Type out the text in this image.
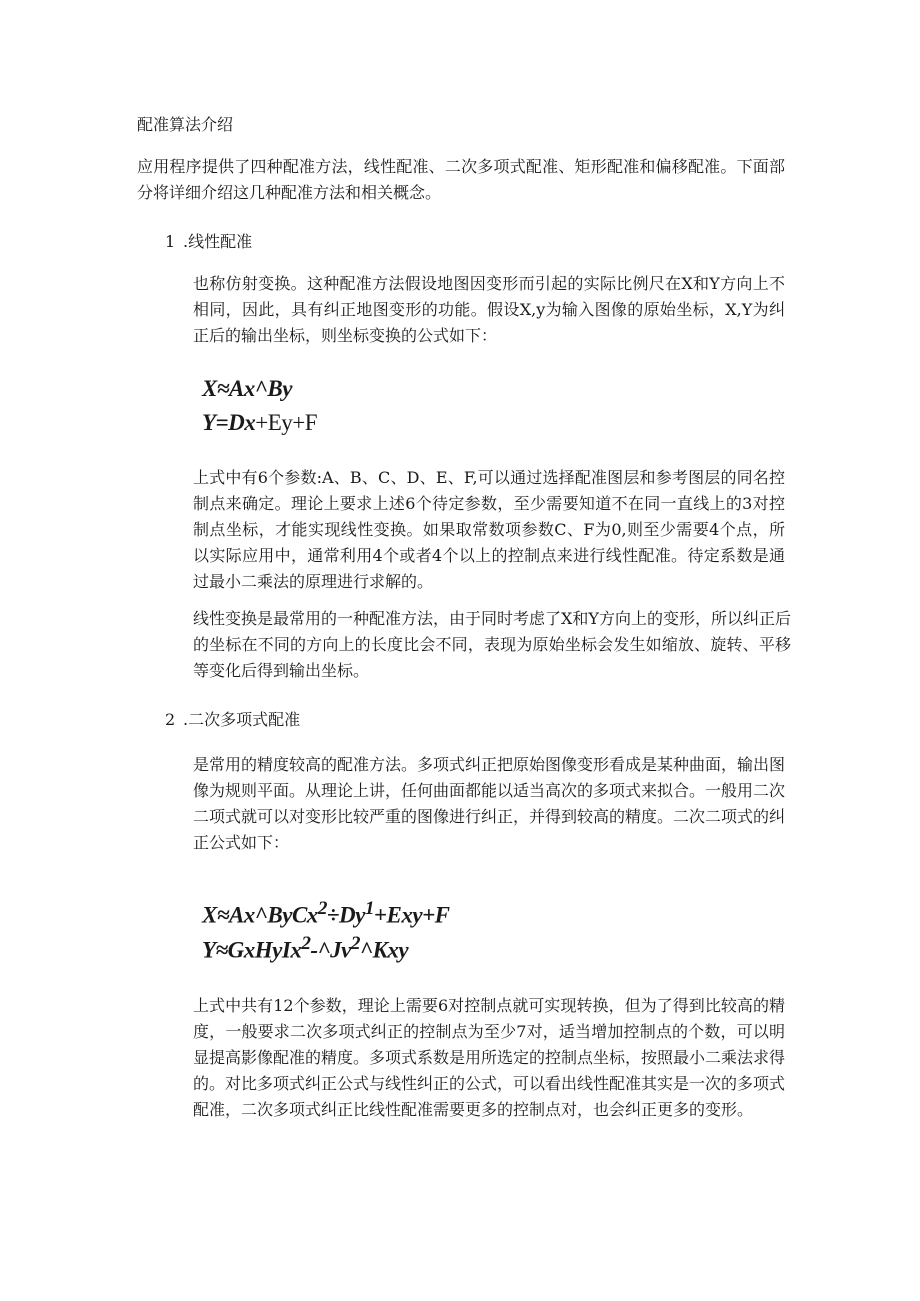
配准算法介绍

应用程序提供了四种配准方法，线性配准、二次多项式配准、矩形配准和偏移配准。下面部分将详细介绍这几种配准方法和相关概念。

1 .线性配准

也称仿射变换。这种配准方法假设地图因变形而引起的实际比例尺在X和Y方向上不相同，因此，具有纠正地图变形的功能。假设X,y为输入图像的原始坐标，X,Y为纠正后的输出坐标，则坐标变换的公式如下：

X≈Ax^By

Y=Dx+Ey+F

上式中有6个参数:A、B、C、D、E、F,可以通过选择配准图层和参考图层的同名控制点来确定。理论上要求上述6个待定参数，至少需要知道不在同一直线上的3对控制点坐标，才能实现线性变换。如果取常数项参数C、F为0,则至少需要4个点，所以实际应用中，通常利用4个或者4个以上的控制点来进行线性配准。待定系数是通过最小二乘法的原理进行求解的。

线性变换是最常用的一种配准方法，由于同时考虑了X和Y方向上的变形，所以纠正后的坐标在不同的方向上的长度比会不同，表现为原始坐标会发生如缩放、旋转、平移等变化后得到输出坐标。

2 .二次多项式配准

是常用的精度较高的配准方法。多项式纠正把原始图像变形看成是某种曲面，输出图像为规则平面。从理论上讲，任何曲面都能以适当高次的多项式来拟合。一般用二次二项式就可以对变形比较严重的图像进行纠正，并得到较高的精度。二次二项式的纠正公式如下：

$X\approx Ax\^{}ByCx^2\div Dy^1+Exy+F$

$Y\approx GxHyIx^2-\^{}Jv^2\^{}Kxy$

上式中共有12个参数，理论上需要6对控制点就可实现转换，但为了得到比较高的精度，一般要求二次多项式纠正的控制点为至少7对，适当增加控制点的个数，可以明显提高影像配准的精度。多项式系数是用所选定的控制点坐标，按照最小二乘法求得的。对比多项式纠正公式与线性纠正的公式，可以看出线性配准其实是一次的多项式配准，二次多项式纠正比线性配准需要更多的控制点对，也会纠正更多的变形。
